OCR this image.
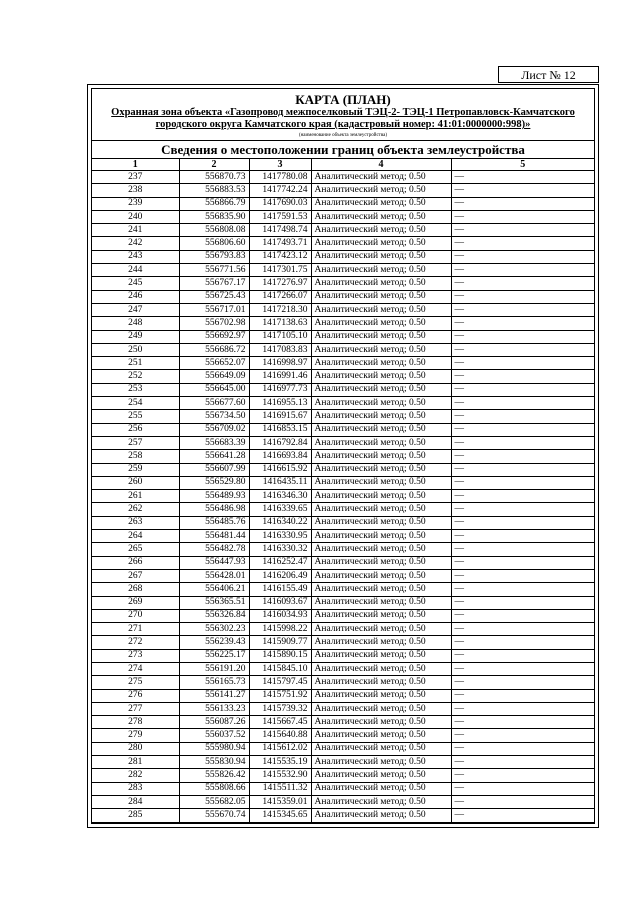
Лист № 12
КАРТА (ПЛАН)
Охранная зона объекта «Газопровод межпоселковый ТЭЦ-2- ТЭЦ-1 Петропавловск-Камчатского городского округа Камчатского края (кадастровый номер: 41:01:0000000:998)»
(наименование объекта землеустройства)
Сведения о местоположении границ объекта землеустройства
1	2	3	4	5
237	556870.73	1417780.08	Аналитический метод; 0.50	—
238	556883.53	1417742.24	Аналитический метод; 0.50	—
239	556866.79	1417690.03	Аналитический метод; 0.50	—
240	556835.90	1417591.53	Аналитический метод; 0.50	—
241	556808.08	1417498.74	Аналитический метод; 0.50	—
242	556806.60	1417493.71	Аналитический метод; 0.50	—
243	556793.83	1417423.12	Аналитический метод; 0.50	—
244	556771.56	1417301.75	Аналитический метод; 0.50	—
245	556767.17	1417276.97	Аналитический метод; 0.50	—
246	556725.43	1417266.07	Аналитический метод; 0.50	—
247	556717.01	1417218.30	Аналитический метод; 0.50	—
248	556702.98	1417138.63	Аналитический метод; 0.50	—
249	556692.97	1417105.10	Аналитический метод; 0.50	—
250	556686.72	1417083.83	Аналитический метод; 0.50	—
251	556652.07	1416998.97	Аналитический метод; 0.50	—
252	556649.09	1416991.46	Аналитический метод; 0.50	—
253	556645.00	1416977.73	Аналитический метод; 0.50	—
254	556677.60	1416955.13	Аналитический метод; 0.50	—
255	556734.50	1416915.67	Аналитический метод; 0.50	—
256	556709.02	1416853.15	Аналитический метод; 0.50	—
257	556683.39	1416792.84	Аналитический метод; 0.50	—
258	556641.28	1416693.84	Аналитический метод; 0.50	—
259	556607.99	1416615.92	Аналитический метод; 0.50	—
260	556529.80	1416435.11	Аналитический метод; 0.50	—
261	556489.93	1416346.30	Аналитический метод; 0.50	—
262	556486.98	1416339.65	Аналитический метод; 0.50	—
263	556485.76	1416340.22	Аналитический метод; 0.50	—
264	556481.44	1416330.95	Аналитический метод; 0.50	—
265	556482.78	1416330.32	Аналитический метод; 0.50	—
266	556447.93	1416252.47	Аналитический метод; 0.50	—
267	556428.01	1416206.49	Аналитический метод; 0.50	—
268	556406.21	1416155.49	Аналитический метод; 0.50	—
269	556365.51	1416093.67	Аналитический метод; 0.50	—
270	556326.84	1416034.93	Аналитический метод; 0.50	—
271	556302.23	1415998.22	Аналитический метод; 0.50	—
272	556239.43	1415909.77	Аналитический метод; 0.50	—
273	556225.17	1415890.15	Аналитический метод; 0.50	—
274	556191.20	1415845.10	Аналитический метод; 0.50	—
275	556165.73	1415797.45	Аналитический метод; 0.50	—
276	556141.27	1415751.92	Аналитический метод; 0.50	—
277	556133.23	1415739.32	Аналитический метод; 0.50	—
278	556087.26	1415667.45	Аналитический метод; 0.50	—
279	556037.52	1415640.88	Аналитический метод; 0.50	—
280	555980.94	1415612.02	Аналитический метод; 0.50	—
281	555830.94	1415535.19	Аналитический метод; 0.50	—
282	555826.42	1415532.90	Аналитический метод; 0.50	—
283	555808.66	1415511.32	Аналитический метод; 0.50	—
284	555682.05	1415359.01	Аналитический метод; 0.50	—
285	555670.74	1415345.65	Аналитический метод; 0.50	—
